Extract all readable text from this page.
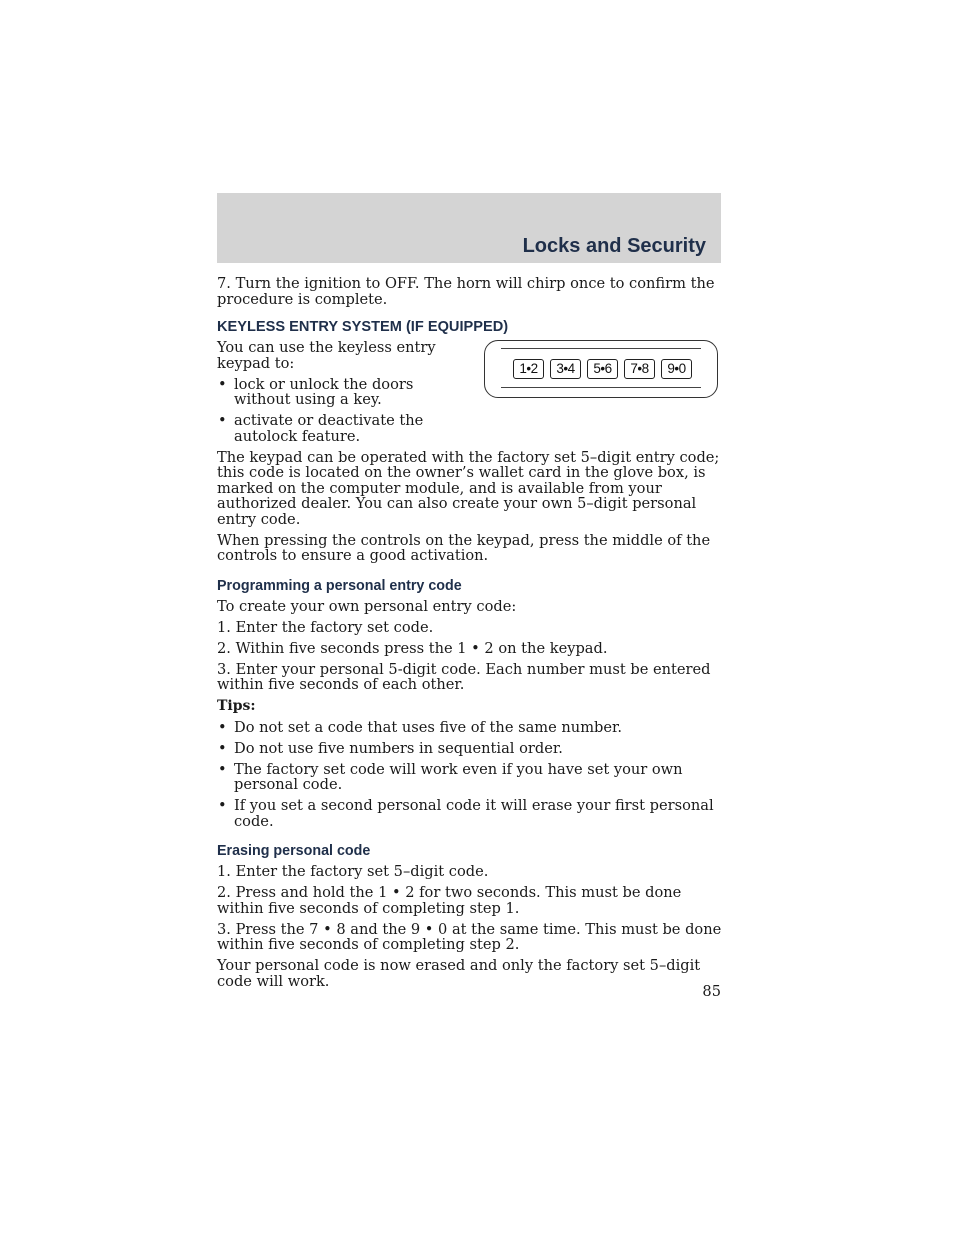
Locks and Security

7. Turn the ignition to OFF. The horn will chirp once to confirm the procedure is complete.

KEYLESS ENTRY SYSTEM (IF EQUIPPED)

You can use the keyless entry keypad to:

• lock or unlock the doors without using a key.
• activate or deactivate the autolock feature.
1•2	3•4	5•6	7•8	9•0

The keypad can be operated with the factory set 5–digit entry code; this code is located on the owner’s wallet card in the glove box, is marked on the computer module, and is available from your authorized dealer. You can also create your own 5–digit personal entry code.

When pressing the controls on the keypad, press the middle of the controls to ensure a good activation.

Programming a personal entry code

To create your own personal entry code:

1. Enter the factory set code.

2. Within five seconds press the 1 • 2 on the keypad.

3. Enter your personal 5-digit code. Each number must be entered within five seconds of each other.

Tips:
• Do not set a code that uses five of the same number.
• Do not use five numbers in sequential order.
• The factory set code will work even if you have set your own personal code.
• If you set a second personal code it will erase your first personal code.
Erasing personal code

1. Enter the factory set 5–digit code.

2. Press and hold the 1 • 2 for two seconds. This must be done within five seconds of completing step 1.

3. Press the 7 • 8 and the 9 • 0 at the same time. This must be done within five seconds of completing step 2.

Your personal code is now erased and only the factory set 5–digit code will work.

85
